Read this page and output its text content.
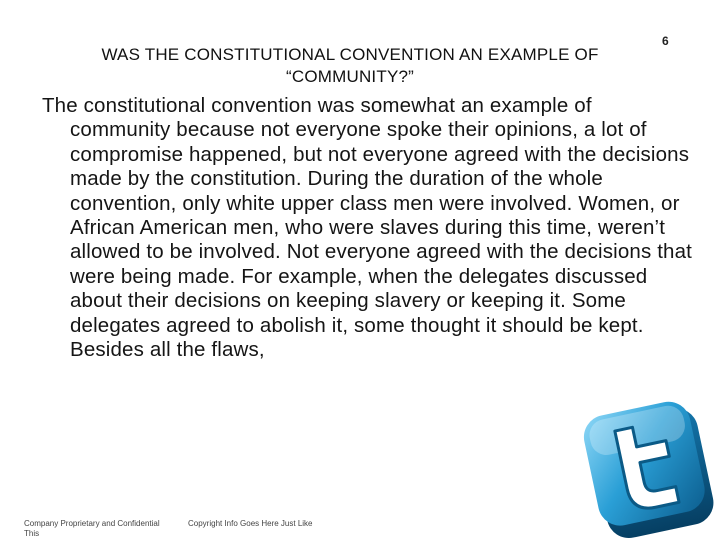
WAS THE CONSTITUTIONAL CONVENTION AN EXAMPLE OF
“COMMUNITY?”
6

The constitutional convention was somewhat an example of community because not everyone spoke their opinions, a lot of compromise happened, but not everyone agreed with the decisions made by the constitution. During the duration of the whole convention, only white upper class men were involved. Women, or African American men, who were slaves during this time, weren’t allowed to be involved. Not everyone agreed with the decisions that were being made. For example, when the delegates discussed about their decisions on keeping slavery or keeping it. Some delegates agreed to abolish it, some thought it should be kept. Besides all the flaws,

Company Proprietary and Confidential This
Copyright Info Goes Here Just Like
